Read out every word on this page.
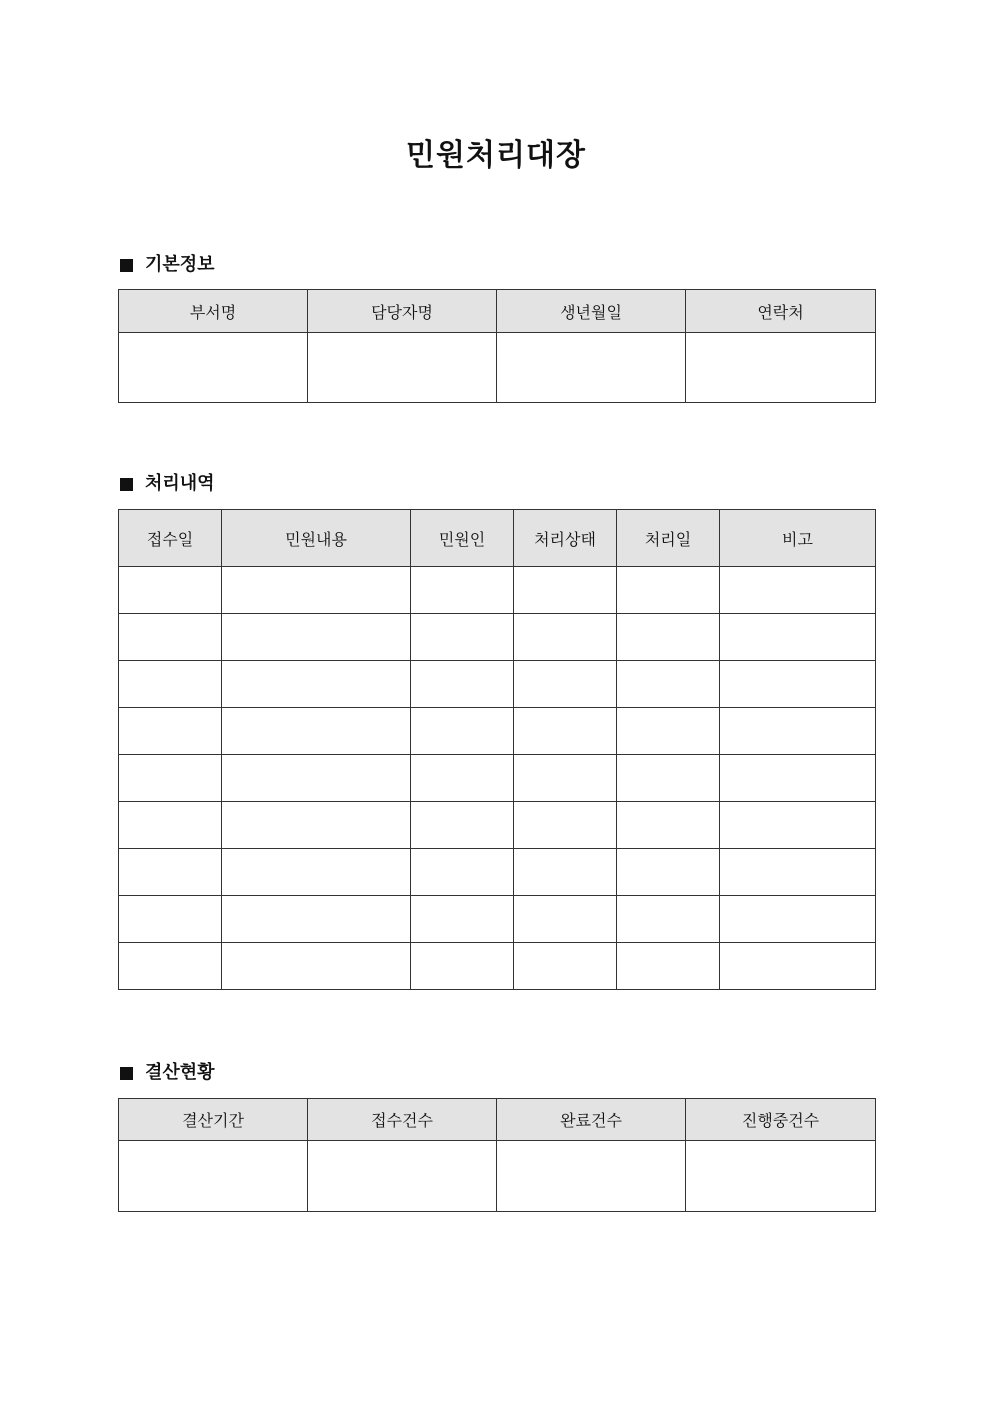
민원처리대장
기본정보
부서명	담당자명	생년월일	연락처

처리내역
접수일	민원내용	민원인	처리상태	처리일	비고

결산현황
결산기간	접수건수	완료건수	진행중건수
